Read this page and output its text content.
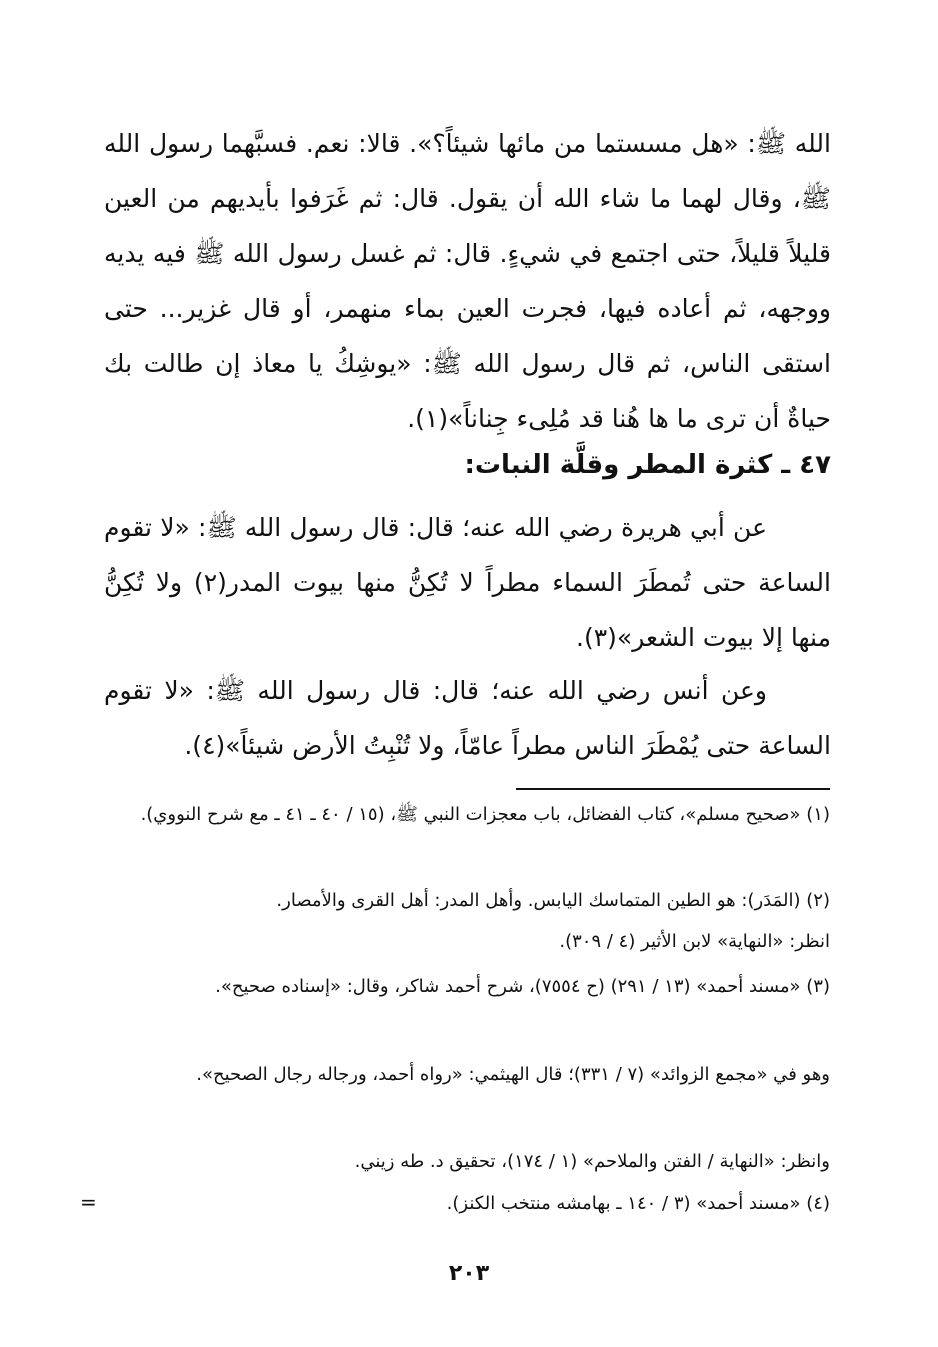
الله ﷺ: «هل مسستما من مائها شيئاً؟». قالا: نعم. فسبَّهما رسول الله ﷺ، وقال لهما ما شاء الله أن يقول. قال: ثم غَرَفوا بأيديهم من العين قليلاً قليلاً، حتى اجتمع في شيءٍ. قال: ثم غسل رسول الله ﷺ فيه يديه ووجهه، ثم أعاده فيها، فجرت العين بماء منهمر، أو قال غزير... حتى استقى الناس، ثم قال رسول الله ﷺ: «يوشِكُ يا معاذ إن طالت بك حياةٌ أن ترى ما ها هُنا قد مُلِىء جِناناً»(١).

٤٧ ـ كثرة المطر وقلَّة النبات:

عن أبي هريرة رضي الله عنه؛ قال: قال رسول الله ﷺ: «لا تقوم الساعة حتى تُمطَرَ السماء مطراً لا تُكِنُّ منها بيوت المدر(٢) ولا تُكِنُّ منها إلا بيوت الشعر»(٣).

وعن أنس رضي الله عنه؛ قال: قال رسول الله ﷺ: «لا تقوم الساعة حتى يُمْطَرَ الناس مطراً عامّاً، ولا تُنْبِتُ الأرض شيئاً»(٤).

(١) «صحيح مسلم»، كتاب الفضائل، باب معجزات النبي ﷺ، (١٥ / ٤٠ ـ ٤١ ـ مع شرح النووي).

(٢) (المَدَر): هو الطين المتماسك اليابس. وأهل المدر: أهل القرى والأمصار.

انظر: «النهاية» لابن الأثير (٤ / ٣٠٩).

(٣) «مسند أحمد» (١٣ / ٢٩١) (ح ٧٥٥٤)، شرح أحمد شاكر، وقال: «إسناده صحيح».

وهو في «مجمع الزوائد» (٧ / ٣٣١)؛ قال الهيثمي: «رواه أحمد، ورجاله رجال الصحيح».

وانظر: «النهاية / الفتن والملاحم» (١ / ١٧٤)، تحقيق د. طه زيني.

(٤) «مسند أحمد» (٣ / ١٤٠ ـ بهامشه منتخب الكنز).

=
٢٠٣
